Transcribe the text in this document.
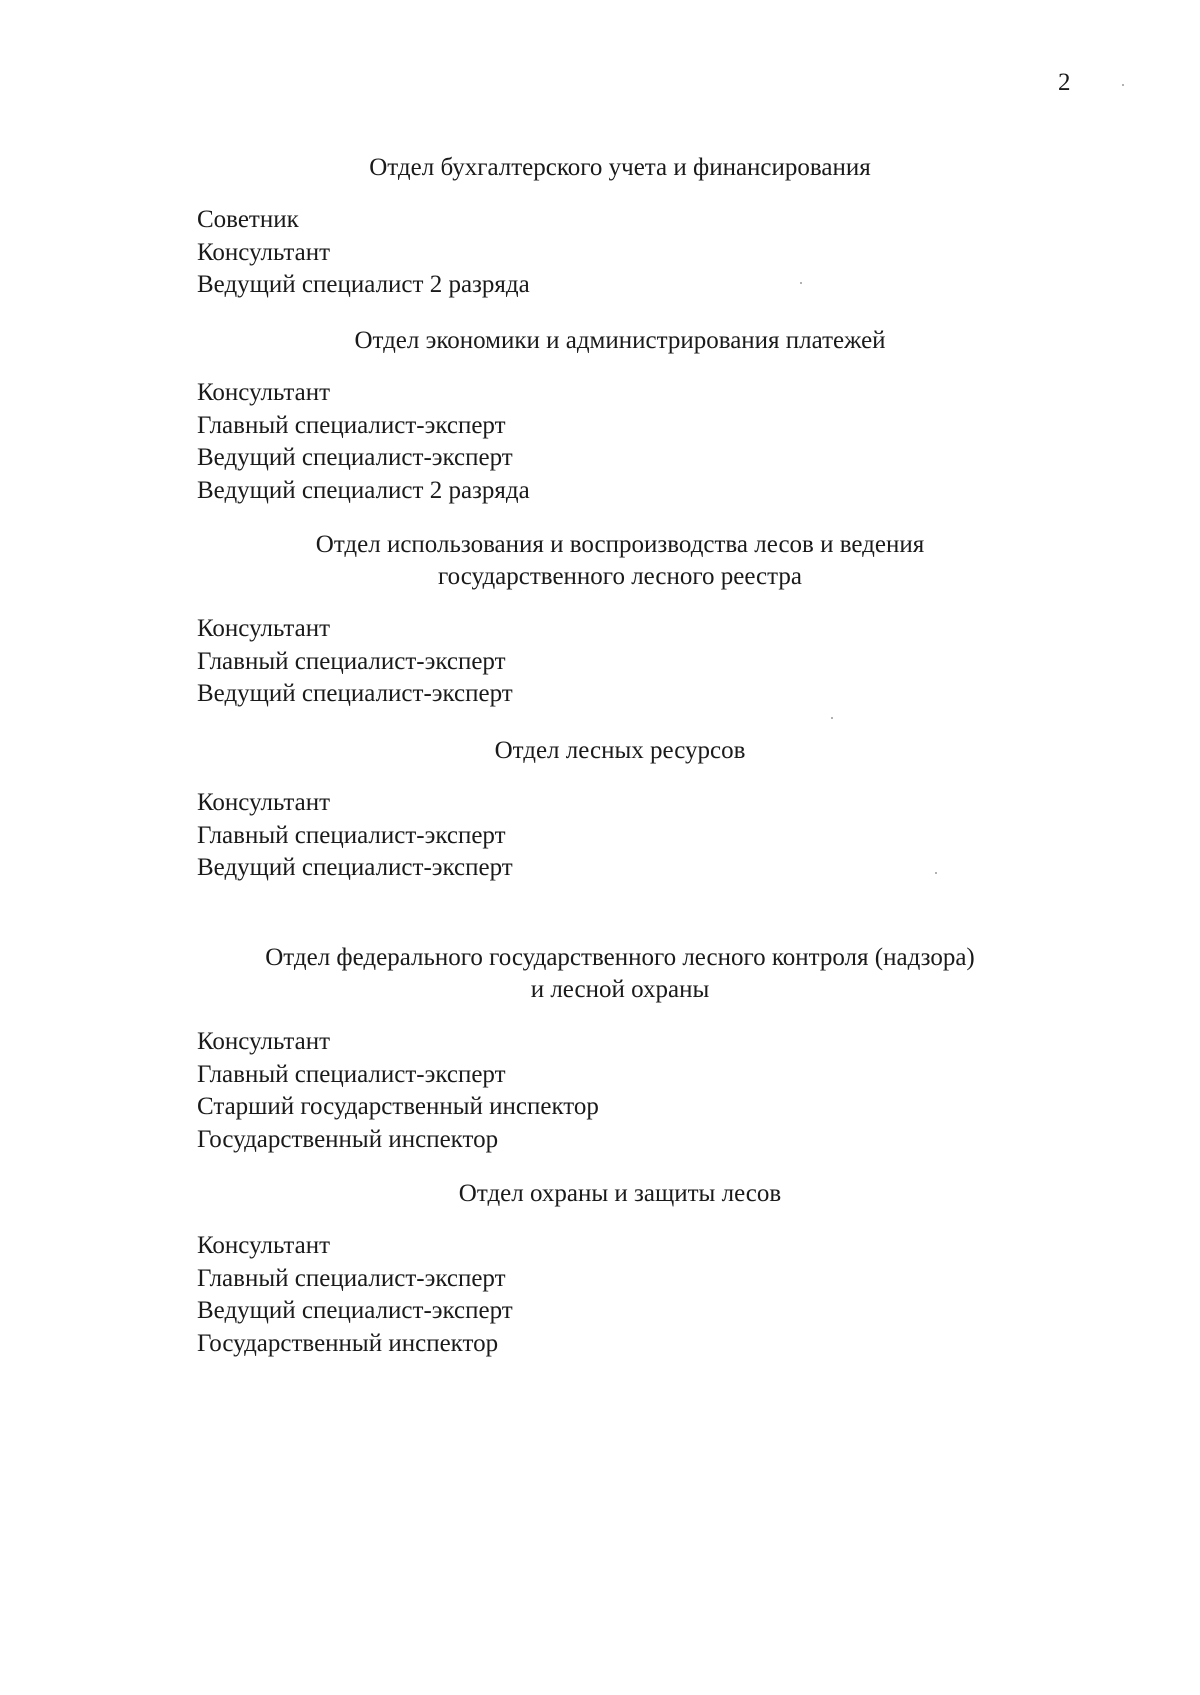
2
Отдел бухгалтерского учета и финансирования
Советник
Консультант
Ведущий специалист 2 разряда
Отдел экономики и администрирования платежей
Консультант
Главный специалист-эксперт
Ведущий специалист-эксперт
Ведущий специалист 2 разряда
Отдел использования и воспроизводства лесов и ведения
государственного лесного реестра
Консультант
Главный специалист-эксперт
Ведущий специалист-эксперт
Отдел лесных ресурсов
Консультант
Главный специалист-эксперт
Ведущий специалист-эксперт
Отдел федерального государственного лесного контроля (надзора)
и лесной охраны
Консультант
Главный специалист-эксперт
Старший государственный инспектор
Государственный инспектор
Отдел охраны и защиты лесов
Консультант
Главный специалист-эксперт
Ведущий специалист-эксперт
Государственный инспектор
